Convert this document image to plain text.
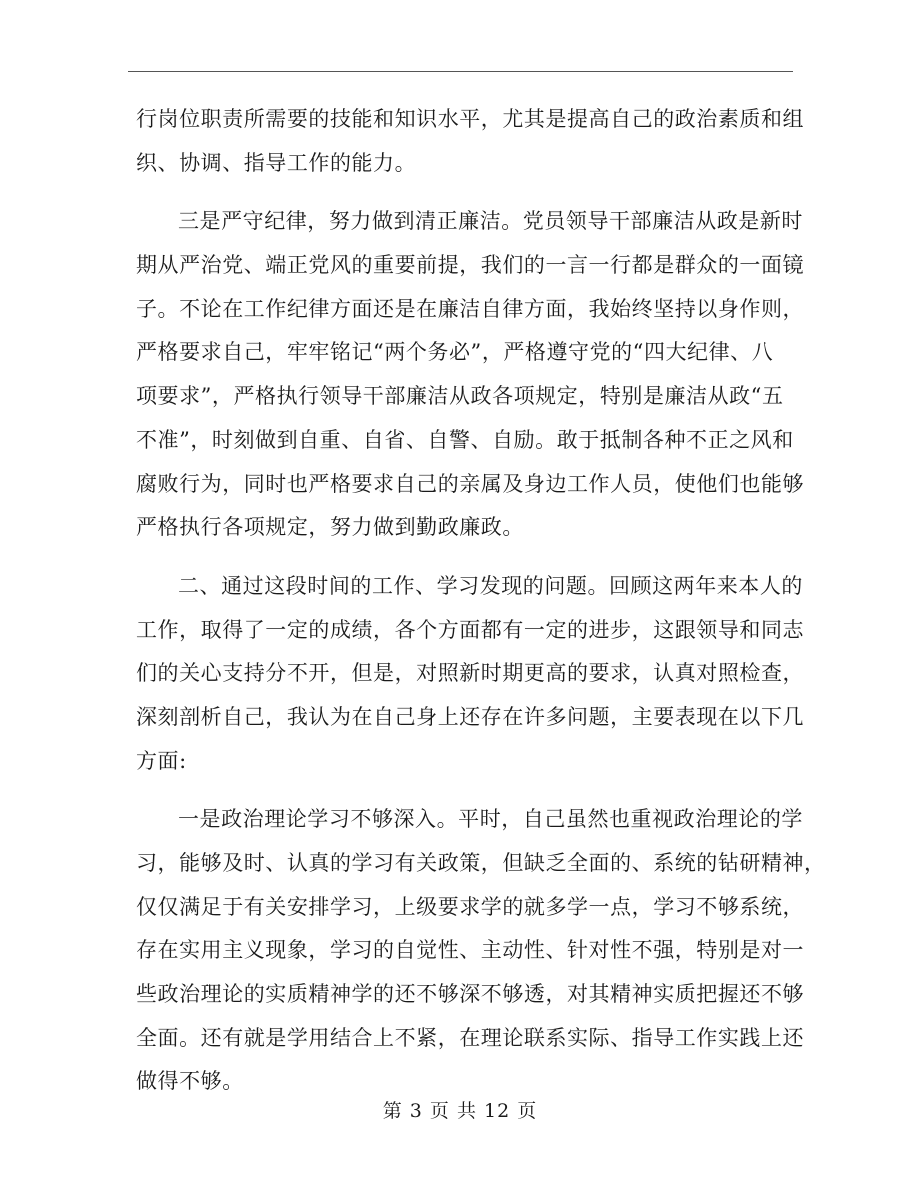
行岗位职责所需要的技能和知识水平，尤其是提高自己的政治素质和组
织、协调、指导工作的能力。
三是严守纪律，努力做到清正廉洁。党员领导干部廉洁从政是新时
期从严治党、端正党风的重要前提，我们的一言一行都是群众的一面镜
子。不论在工作纪律方面还是在廉洁自律方面，我始终坚持以身作则，
严格要求自己，牢牢铭记“两个务必”，严格遵守党的“四大纪律、八
项要求”，严格执行领导干部廉洁从政各项规定，特别是廉洁从政“五
不准”，时刻做到自重、自省、自警、自励。敢于抵制各种不正之风和
腐败行为，同时也严格要求自己的亲属及身边工作人员，使他们也能够
严格执行各项规定，努力做到勤政廉政。
二、通过这段时间的工作、学习发现的问题。回顾这两年来本人的
工作，取得了一定的成绩，各个方面都有一定的进步，这跟领导和同志
们的关心支持分不开，但是，对照新时期更高的要求，认真对照检查，
深刻剖析自己，我认为在自己身上还存在许多问题，主要表现在以下几
方面:
一是政治理论学习不够深入。平时，自己虽然也重视政治理论的学
习，能够及时、认真的学习有关政策，但缺乏全面的、系统的钻研精神，
仅仅满足于有关安排学习，上级要求学的就多学一点，学习不够系统，
存在实用主义现象，学习的自觉性、主动性、针对性不强，特别是对一
些政治理论的实质精神学的还不够深不够透，对其精神实质把握还不够
全面。还有就是学用结合上不紧，在理论联系实际、指导工作实践上还
做得不够。
第 3 页 共 12 页
